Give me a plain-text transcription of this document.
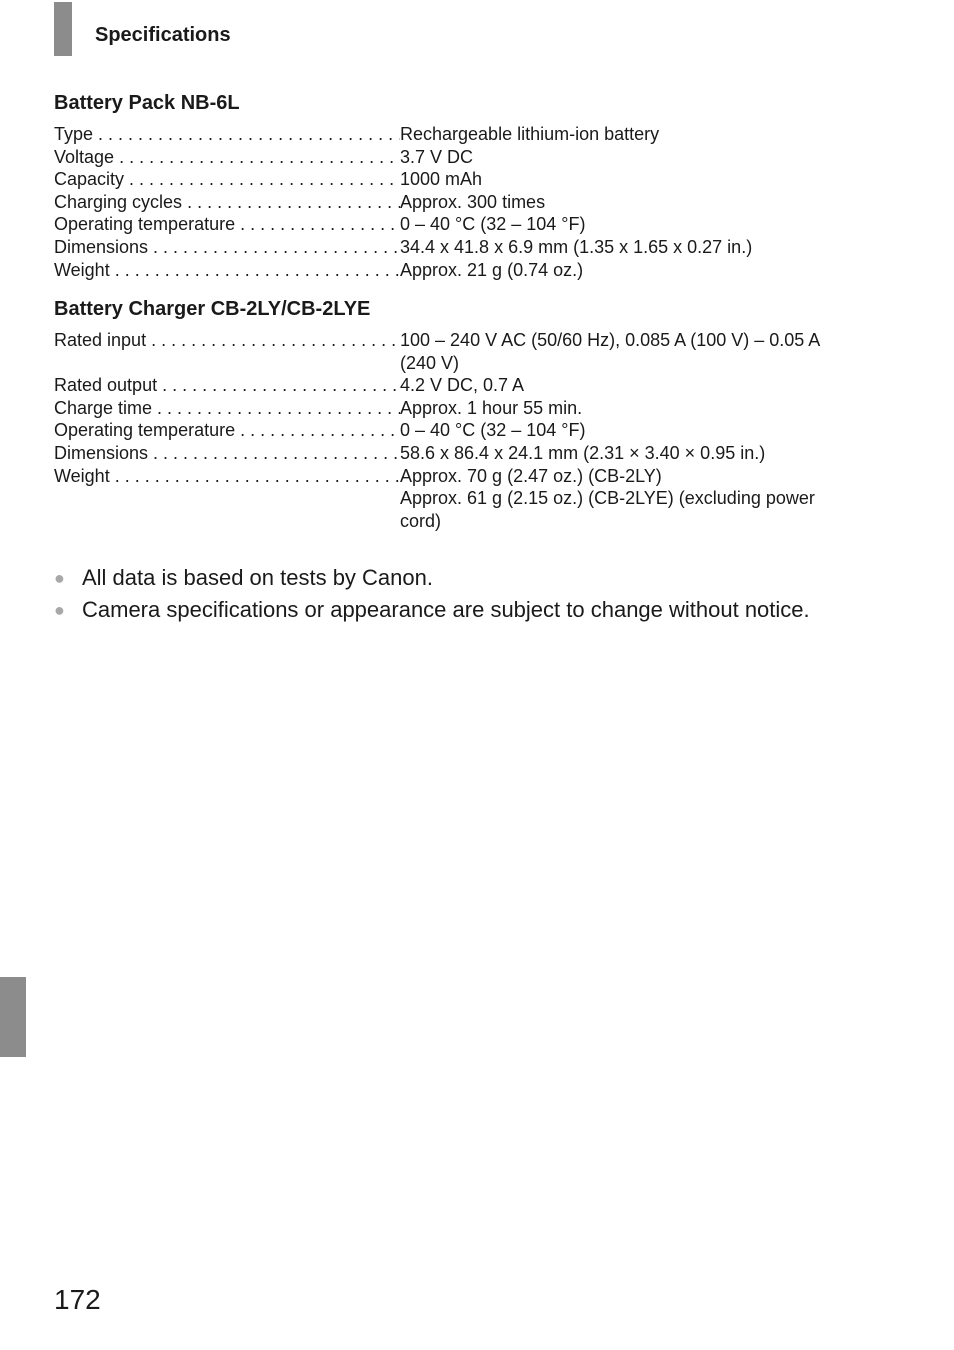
Specifications
Battery Pack NB-6L
Type . . .	Rechargeable lithium-ion battery
Voltage . . .	3.7 V DC
Capacity . . .	1000 mAh
Charging cycles . . .	Approx. 300 times
Operating temperature . . .	0 – 40 °C (32 – 104 °F)
Dimensions . . .	34.4 x 41.8 x 6.9 mm (1.35 x 1.65 x 0.27 in.)
Weight . . .	Approx. 21 g (0.74 oz.)
Battery Charger CB-2LY/CB-2LYE
Rated input . . .	100 – 240 V AC (50/60 Hz), 0.085 A (100 V) – 0.05 A (240 V)
Rated output . . .	4.2 V DC, 0.7 A
Charge time . . .	Approx. 1 hour 55 min.
Operating temperature . . .	0 – 40 °C (32 – 104 °F)
Dimensions . . .	58.6 x 86.4 x 24.1 mm (2.31 × 3.40 × 0.95 in.)
Weight . . .	Approx. 70 g (2.47 oz.) (CB-2LY)
Approx. 61 g (2.15 oz.) (CB-2LYE) (excluding power cord)
● All data is based on tests by Canon.
● Camera specifications or appearance are subject to change without notice.
172
